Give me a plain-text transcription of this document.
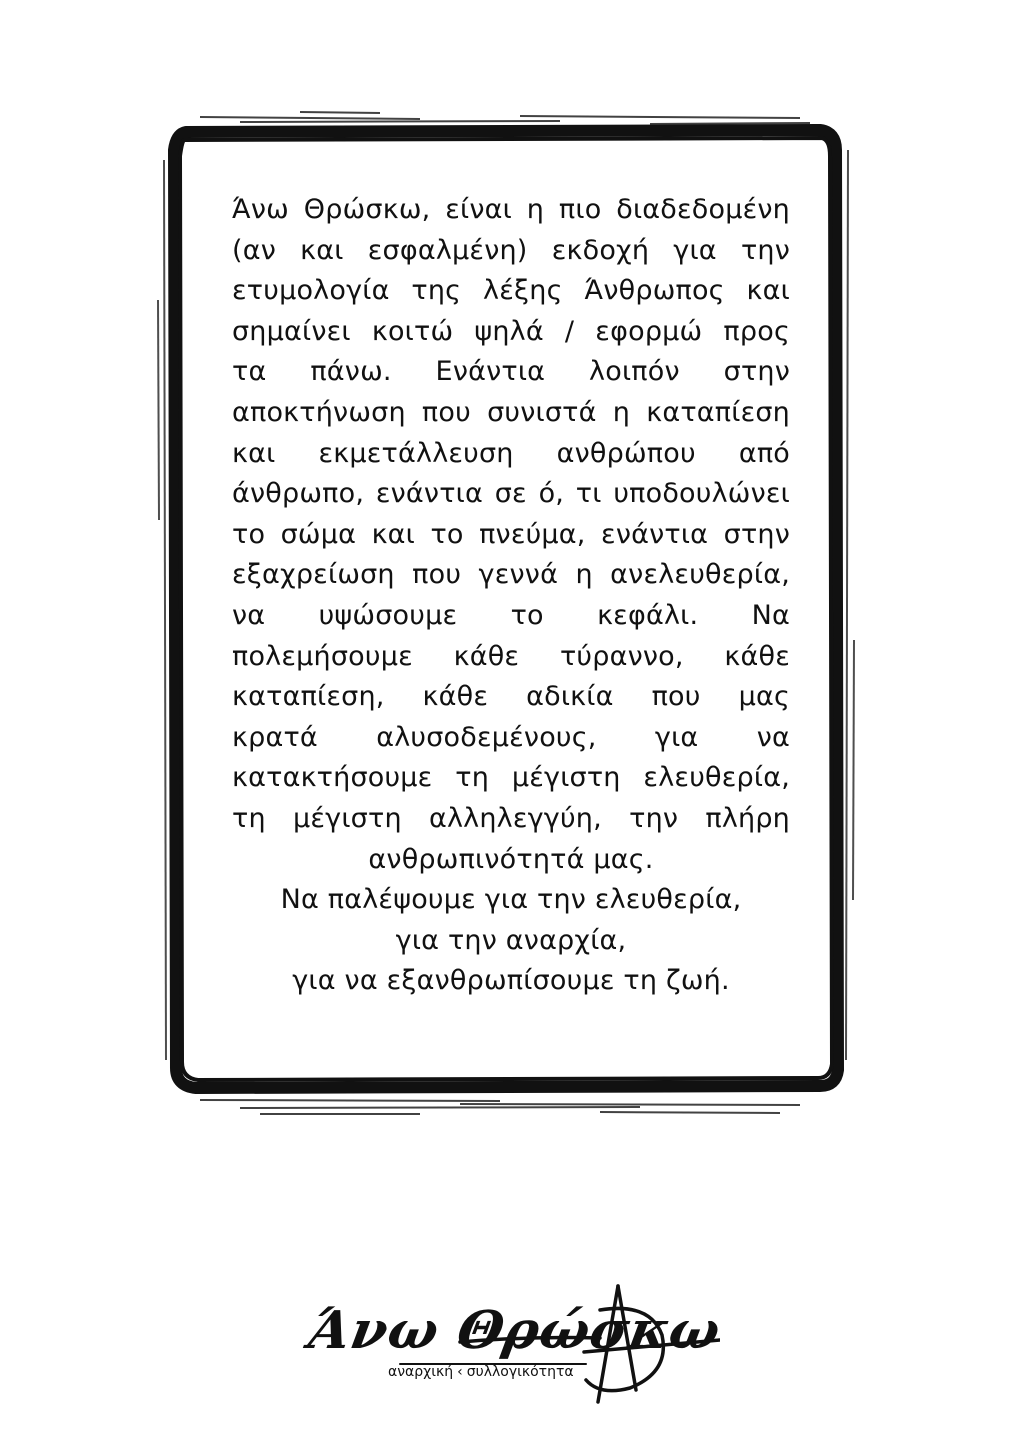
Άνω Θρώσκω, είναι η πιο διαδεδομένη
(αν και εσφαλμένη) εκδοχή για την
ετυμολογία της λέξης Άνθρωπος και
σημαίνει κοιτώ ψηλά / εφορμώ προς
τα πάνω. Ενάντια λοιπόν στην
αποκτήνωση που συνιστά η καταπίεση
και εκμετάλλευση ανθρώπου από
άνθρωπο, ενάντια σε ό, τι υποδουλώνει
το σώμα και το πνεύμα, ενάντια στην
εξαχρείωση που γεννά η ανελευθερία,
να υψώσουμε το κεφάλι. Να
πολεμήσουμε κάθε τύραννο, κάθε
καταπίεση, κάθε αδικία που μας
κρατά αλυσοδεμένους, για να
κατακτήσουμε τη μέγιστη ελευθερία,
τη μέγιστη αλληλεγγύη, την πλήρη
ανθρωπινότητά μας.
Να παλέψουμε για την ελευθερία,
για την αναρχία,
για να εξανθρωπίσουμε τη ζωή.
Άνω Θρώσκω
αναρχική ‹ συλλογικότητα
